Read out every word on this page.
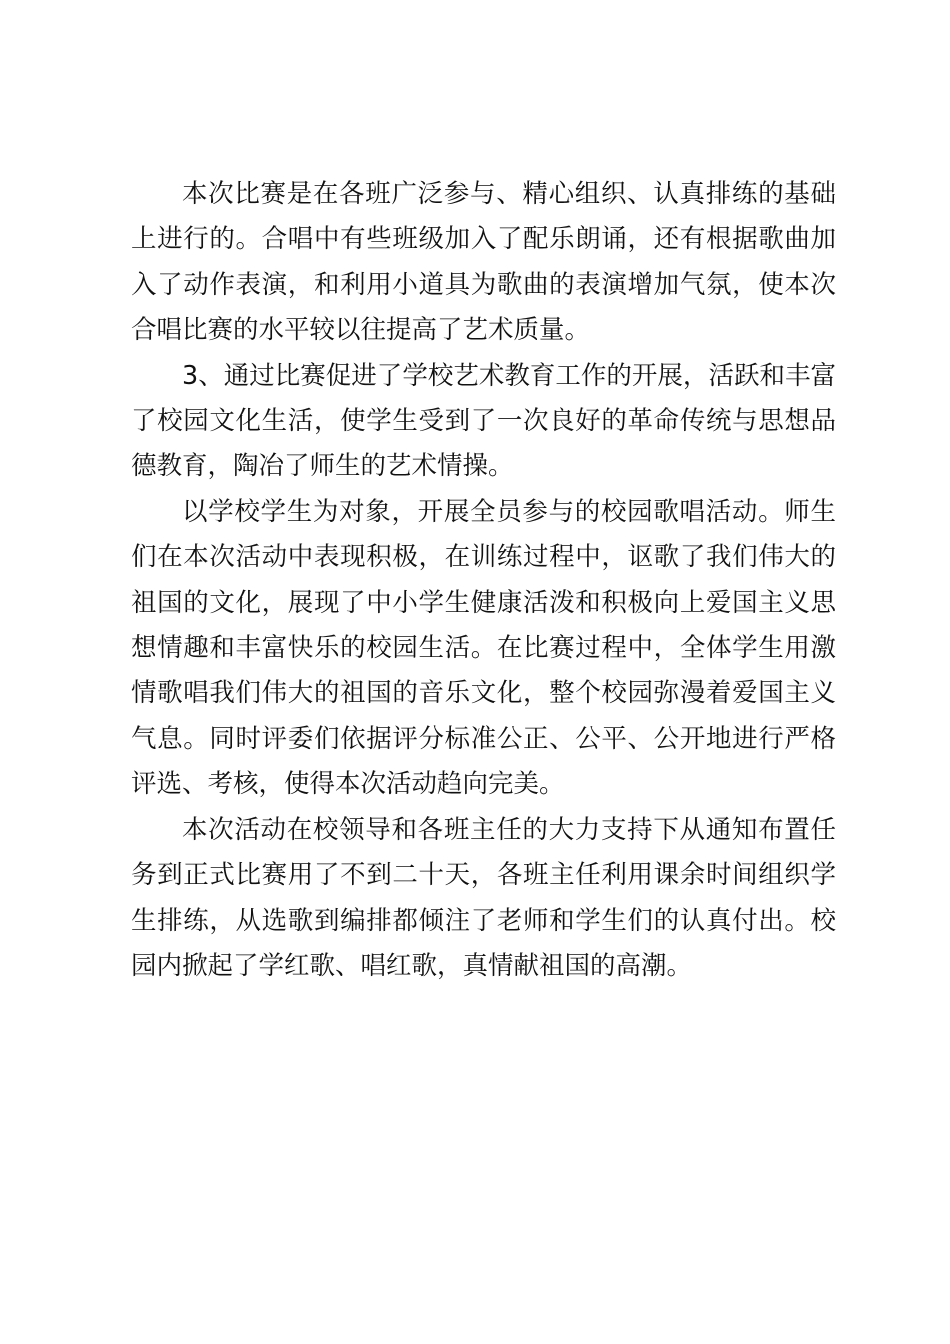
本次比赛是在各班广泛参与、精心组织、认真排练的基础上进行的。合唱中有些班级加入了配乐朗诵，还有根据歌曲加入了动作表演，和利用小道具为歌曲的表演增加气氛，使本次合唱比赛的水平较以往提高了艺术质量。

3、通过比赛促进了学校艺术教育工作的开展，活跃和丰富了校园文化生活，使学生受到了一次良好的革命传统与思想品德教育，陶冶了师生的艺术情操。

以学校学生为对象，开展全员参与的校园歌唱活动。师生们在本次活动中表现积极，在训练过程中，讴歌了我们伟大的祖国的文化，展现了中小学生健康活泼和积极向上爱国主义思想情趣和丰富快乐的校园生活。在比赛过程中，全体学生用激情歌唱我们伟大的祖国的音乐文化，整个校园弥漫着爱国主义气息。同时评委们依据评分标准公正、公平、公开地进行严格评选、考核，使得本次活动趋向完美。

本次活动在校领导和各班主任的大力支持下从通知布置任务到正式比赛用了不到二十天，各班主任利用课余时间组织学生排练，从选歌到编排都倾注了老师和学生们的认真付出。校园内掀起了学红歌、唱红歌，真情献祖国的高潮。
